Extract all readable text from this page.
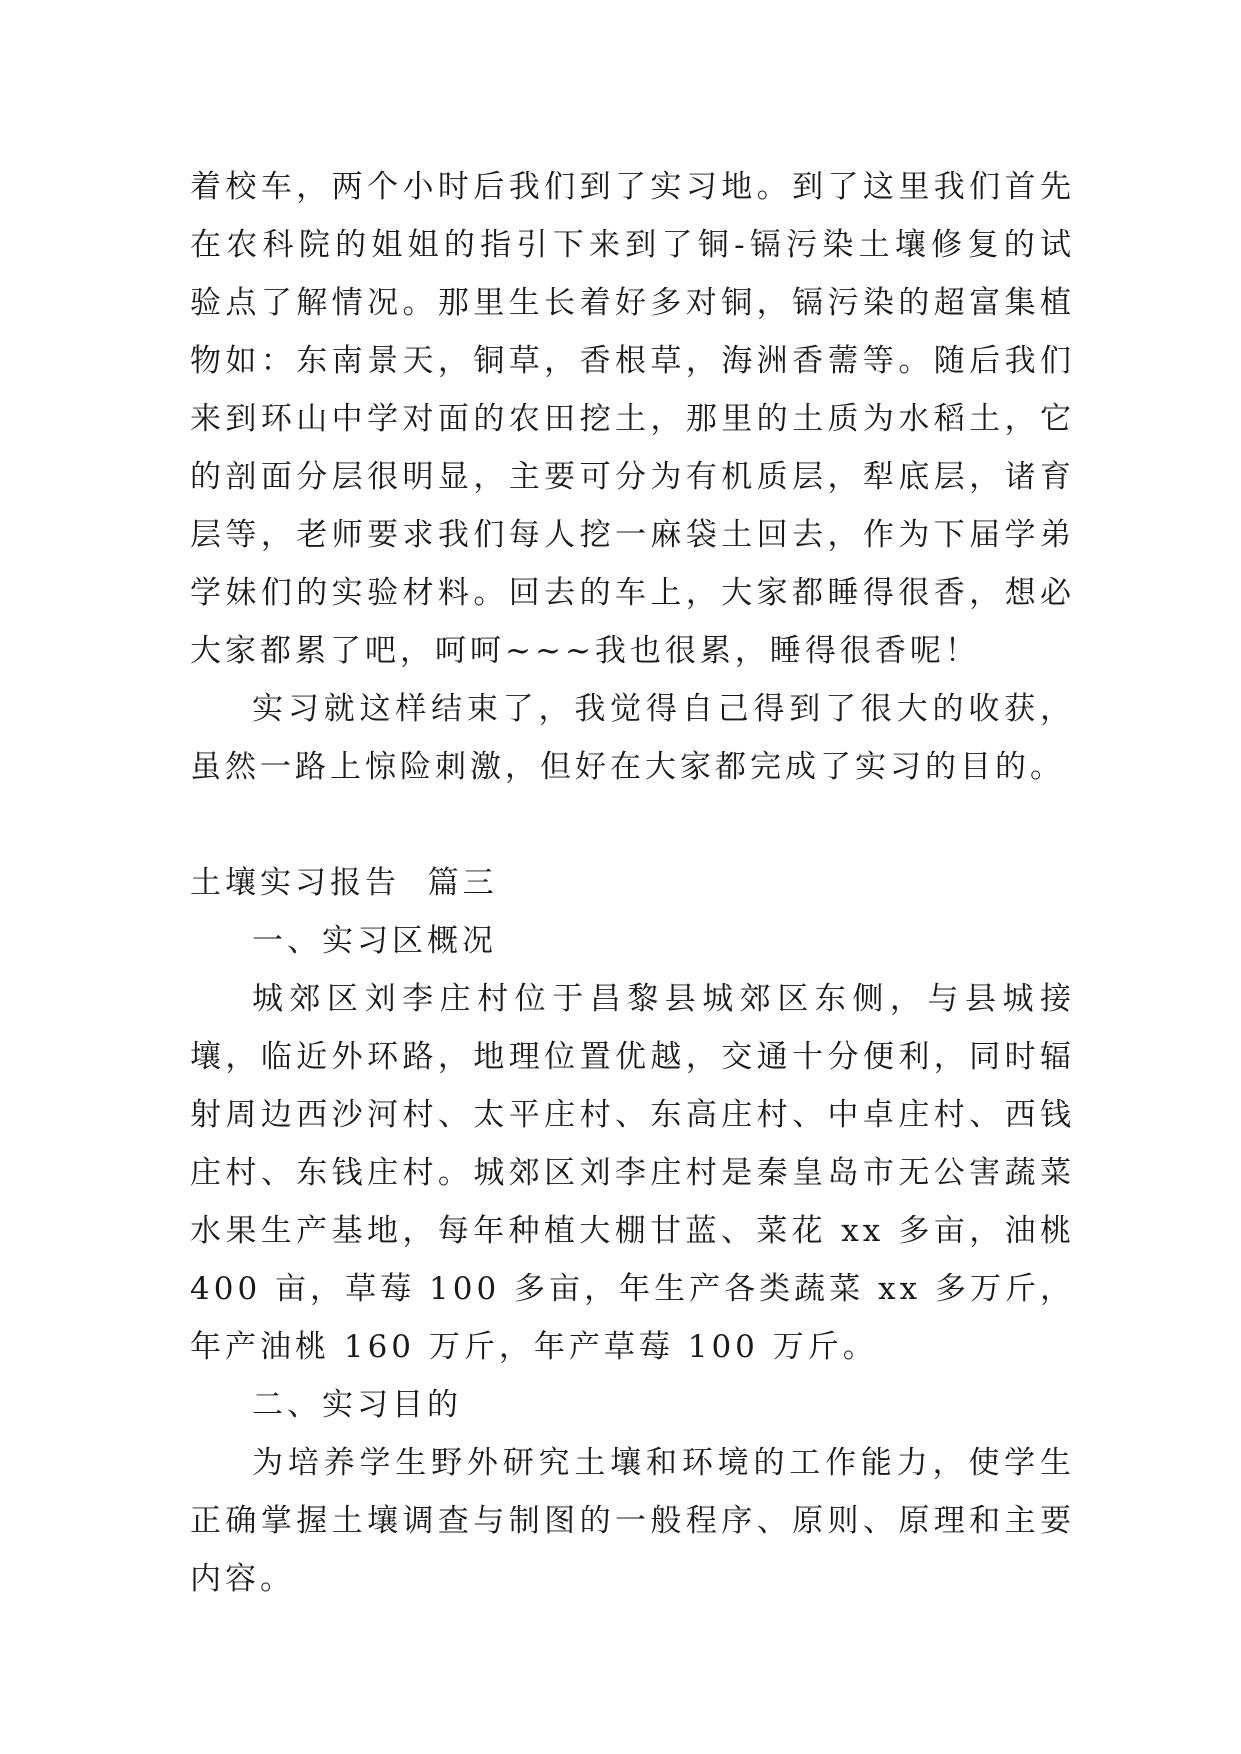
着校车，两个小时后我们到了实习地。到了这里我们首先在农科院的姐姐的指引下来到了铜-镉污染土壤修复的试验点了解情况。那里生长着好多对铜，镉污染的超富集植物如：东南景天，铜草，香根草，海洲香薷等。随后我们来到环山中学对面的农田挖土，那里的土质为水稻土，它的剖面分层很明显，主要可分为有机质层，犁底层，诸育层等，老师要求我们每人挖一麻袋土回去，作为下届学弟学妹们的实验材料。回去的车上，大家都睡得很香，想必大家都累了吧，呵呵~~~我也很累，睡得很香呢！

实习就这样结束了，我觉得自己得到了很大的收获，虽然一路上惊险刺激，但好在大家都完成了实习的目的。

土壤实习报告  篇三

一、实习区概况

城郊区刘李庄村位于昌黎县城郊区东侧，与县城接壤，临近外环路，地理位置优越，交通十分便利，同时辐射周边西沙河村、太平庄村、东高庄村、中卓庄村、西钱庄村、东钱庄村。城郊区刘李庄村是秦皇岛市无公害蔬菜水果生产基地，每年种植大棚甘蓝、菜花 xx 多亩，油桃 400 亩，草莓 100 多亩，年生产各类蔬菜 xx 多万斤，年产油桃 160 万斤，年产草莓 100 万斤。

二、实习目的

为培养学生野外研究土壤和环境的工作能力，使学生正确掌握土壤调查与制图的一般程序、原则、原理和主要内容。
